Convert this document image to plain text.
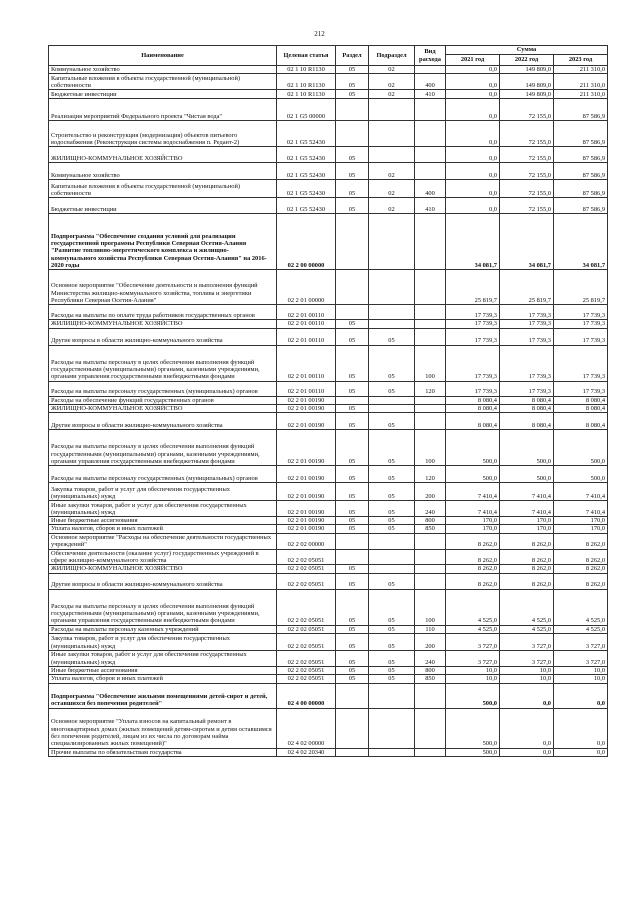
212
Наименование	Целевая статья	Раздел	Подраздел	Вид расхода	Сумма		
					2021 год	2022 год	2023 год
Коммунальное хозяйство	02 1 10 R1130	05	02		0,0	149 809,0	211 310,0
Капитальные вложения в объекты государственной (муниципальной) собственности	02 1 10 R1130	05	02	400	0,0	149 809,0	211 310,0
Бюджетные инвестиции	02 1 10 R1130	05	02	410	0,0	149 809,0	211 310,0
Реализация мероприятий Федерального проекта "Чистая вода"	02 1 G5 00000				0,0	72 155,0	87 586,9
Строительство и реконструкция (модернизация) объектов питьевого водоснабжения (Реконструкция системы водоснабжения п. Редант-2)	02 1 G5 52430				0,0	72 155,0	87 586,9
ЖИЛИЩНО-КОММУНАЛЬНОЕ ХОЗЯЙСТВО	02 1 G5 52430	05			0,0	72 155,0	87 586,9
Коммунальное хозяйство	02 1 G5 52430	05	02		0,0	72 155,0	87 586,9
Капитальные вложения в объекты государственной (муниципальной) собственности	02 1 G5 52430	05	02	400	0,0	72 155,0	87 586,9
Бюджетные инвестиции	02 1 G5 52430	05	02	410	0,0	72 155,0	87 586,9
Подпрограмма "Обеспечение создания условий для реализации государственной программы Республики Северная Осетия-Алания "Развитие топливно-энергетического комплекса и жилищно-коммунального хозяйства Республики Северная Осетия-Алания" на 2016-2020 годы	02 2 00 00000				34 081,7	34 081,7	34 081,7
Основное мероприятие "Обеспечение деятельности и выполнения функций Министерства жилищно-коммунального хозяйства, топлива и энергетики Республики Северная Осетия-Алания"	02 2 01 00000				25 819,7	25 819,7	25 819,7
Расходы на выплаты по оплате труда работников государственных органов	02 2 01 00110				17 739,3	17 739,3	17 739,3
ЖИЛИЩНО-КОММУНАЛЬНОЕ ХОЗЯЙСТВО	02 2 01 00110	05			17 739,3	17 739,3	17 739,3
Другие вопросы в области жилищно-коммунального хозяйства	02 2 01 00110	05	05		17 739,3	17 739,3	17 739,3
Расходы на выплаты персоналу в целях обеспечения выполнения функций государственными (муниципальными) органами, казенными учреждениями, органами управления государственными внебюджетными фондами	02 2 01 00110	05	05	100	17 739,3	17 739,3	17 739,3
Расходы на выплаты персоналу государственных (муниципальных) органов	02 2 01 00110	05	05	120	17 739,3	17 739,3	17 739,3
Расходы на обеспечение функций государственных органов	02 2 01 00190				8 080,4	8 080,4	8 080,4
ЖИЛИЩНО-КОММУНАЛЬНОЕ ХОЗЯЙСТВО	02 2 01 00190	05			8 080,4	8 080,4	8 080,4
Другие вопросы в области жилищно-коммунального хозяйства	02 2 01 00190	05	05		8 080,4	8 080,4	8 080,4
Расходы на выплаты персоналу в целях обеспечения выполнения функций государственными (муниципальными) органами, казенными учреждениями, органами управления государственными внебюджетными фондами	02 2 01 00190	05	05	100	500,0	500,0	500,0
Расходы на выплаты персоналу государственных (муниципальных) органов	02 2 01 00190	05	05	120	500,0	500,0	500,0
Закупка товаров, работ и услуг для обеспечения государственных (муниципальных) нужд	02 2 01 00190	05	05	200	7 410,4	7 410,4	7 410,4
Иные закупки товаров, работ и услуг для обеспечения государственных (муниципальных) нужд	02 2 01 00190	05	05	240	7 410,4	7 410,4	7 410,4
Иные бюджетные ассигнования	02 2 01 00190	05	05	800	170,0	170,0	170,0
Уплата налогов, сборов и иных платежей	02 2 01 00190	05	05	850	170,0	170,0	170,0
Основное мероприятие "Расходы на обеспечение деятельности государственных учреждений"	02 2 02 00000				8 262,0	8 262,0	8 262,0
Обеспечение деятельности (оказание услуг) государственных учреждений в сфере жилищно-коммунального хозяйства	02 2 02 05051				8 262,0	8 262,0	8 262,0
ЖИЛИЩНО-КОММУНАЛЬНОЕ ХОЗЯЙСТВО	02 2 02 05051	05			8 262,0	8 262,0	8 262,0
Другие вопросы в области жилищно-коммунального хозяйства	02 2 02 05051	05	05		8 262,0	8 262,0	8 262,0
Расходы на выплаты персоналу в целях обеспечения выполнения функций государственными (муниципальными) органами, казенными учреждениями, органами управления государственными внебюджетными фондами	02 2 02 05051	05	05	100	4 525,0	4 525,0	4 525,0
Расходы на выплаты персоналу казенных учреждений	02 2 02 05051	05	05	110	4 525,0	4 525,0	4 525,0
Закупка товаров, работ и услуг для обеспечения государственных (муниципальных) нужд	02 2 02 05051	05	05	200	3 727,0	3 727,0	3 727,0
Иные закупки товаров, работ и услуг для обеспечения государственных (муниципальных) нужд	02 2 02 05051	05	05	240	3 727,0	3 727,0	3 727,0
Иные бюджетные ассигнования	02 2 02 05051	05	05	800	10,0	10,0	10,0
Уплата налогов, сборов и иных платежей	02 2 02 05051	05	05	850	10,0	10,0	10,0
Подпрограмма "Обеспечение жильими помещениями детей-сирот и детей, оставшихся без попечения родителей"	02 4 00 00000				500,0	0,0	0,0
Основное мероприятие "Уплата взносов на капитальный ремонт в многоквартирных домах (жилых помещений детям-сиротам и детям оставшимся без попечения родителей, лицам из их числа по договорам найма специализированных жилых помещений)"	02 4 02 00000				500,0	0,0	0,0
Прочие выплаты по обязательствам государства	02 4 02 20340				500,0	0,0	0,0
